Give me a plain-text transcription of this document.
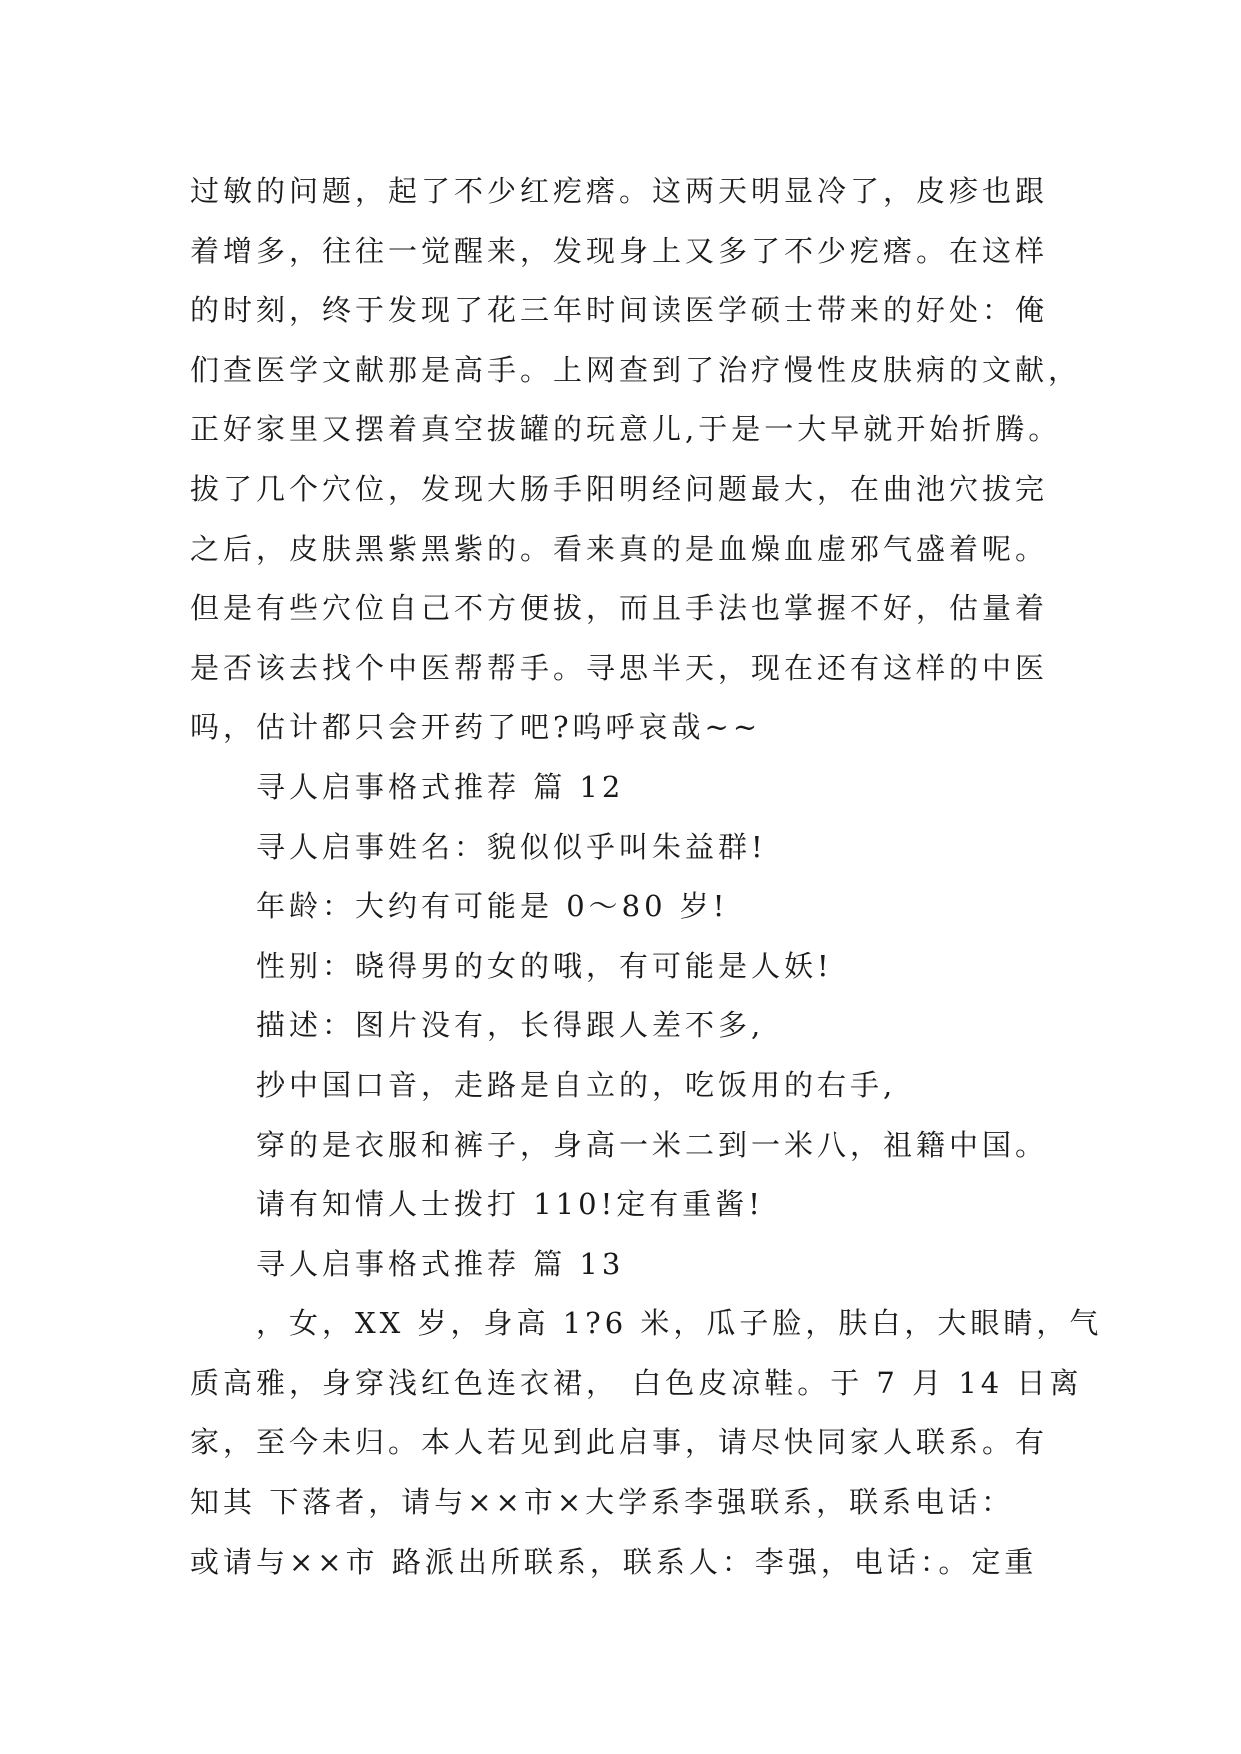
过敏的问题，起了不少红疙瘩。这两天明显冷了，皮疹也跟
着增多，往往一觉醒来，发现身上又多了不少疙瘩。在这样
的时刻，终于发现了花三年时间读医学硕士带来的好处：俺
们查医学文献那是高手。上网查到了治疗慢性皮肤病的文献，
正好家里又摆着真空拔罐的玩意儿,于是一大早就开始折腾。
拔了几个穴位，发现大肠手阳明经问题最大，在曲池穴拔完
之后，皮肤黑紫黑紫的。看来真的是血燥血虚邪气盛着呢。
但是有些穴位自己不方便拔，而且手法也掌握不好，估量着
是否该去找个中医帮帮手。寻思半天，现在还有这样的中医
吗，估计都只会开药了吧?呜呼哀哉~~
寻人启事格式推荐 篇 12
寻人启事姓名：貌似似乎叫朱益群!
年龄：大约有可能是 0～80 岁!
性别：晓得男的女的哦，有可能是人妖!
描述：图片没有，长得跟人差不多,
抄中国口音，走路是自立的，吃饭用的右手,
穿的是衣服和裤子，身高一米二到一米八，祖籍中国。
请有知情人士拨打 110!定有重酱!
寻人启事格式推荐 篇 13
，女，XX 岁，身高 1?6 米，瓜子脸，肤白，大眼睛，气
质高雅，身穿浅红色连衣裙， 白色皮凉鞋。于 7 月 14 日离
家，至今未归。本人若见到此启事，请尽快同家人联系。有
知其 下落者，请与××市×大学系李强联系，联系电话：
或请与××市 路派出所联系，联系人：李强，电话：。定重
